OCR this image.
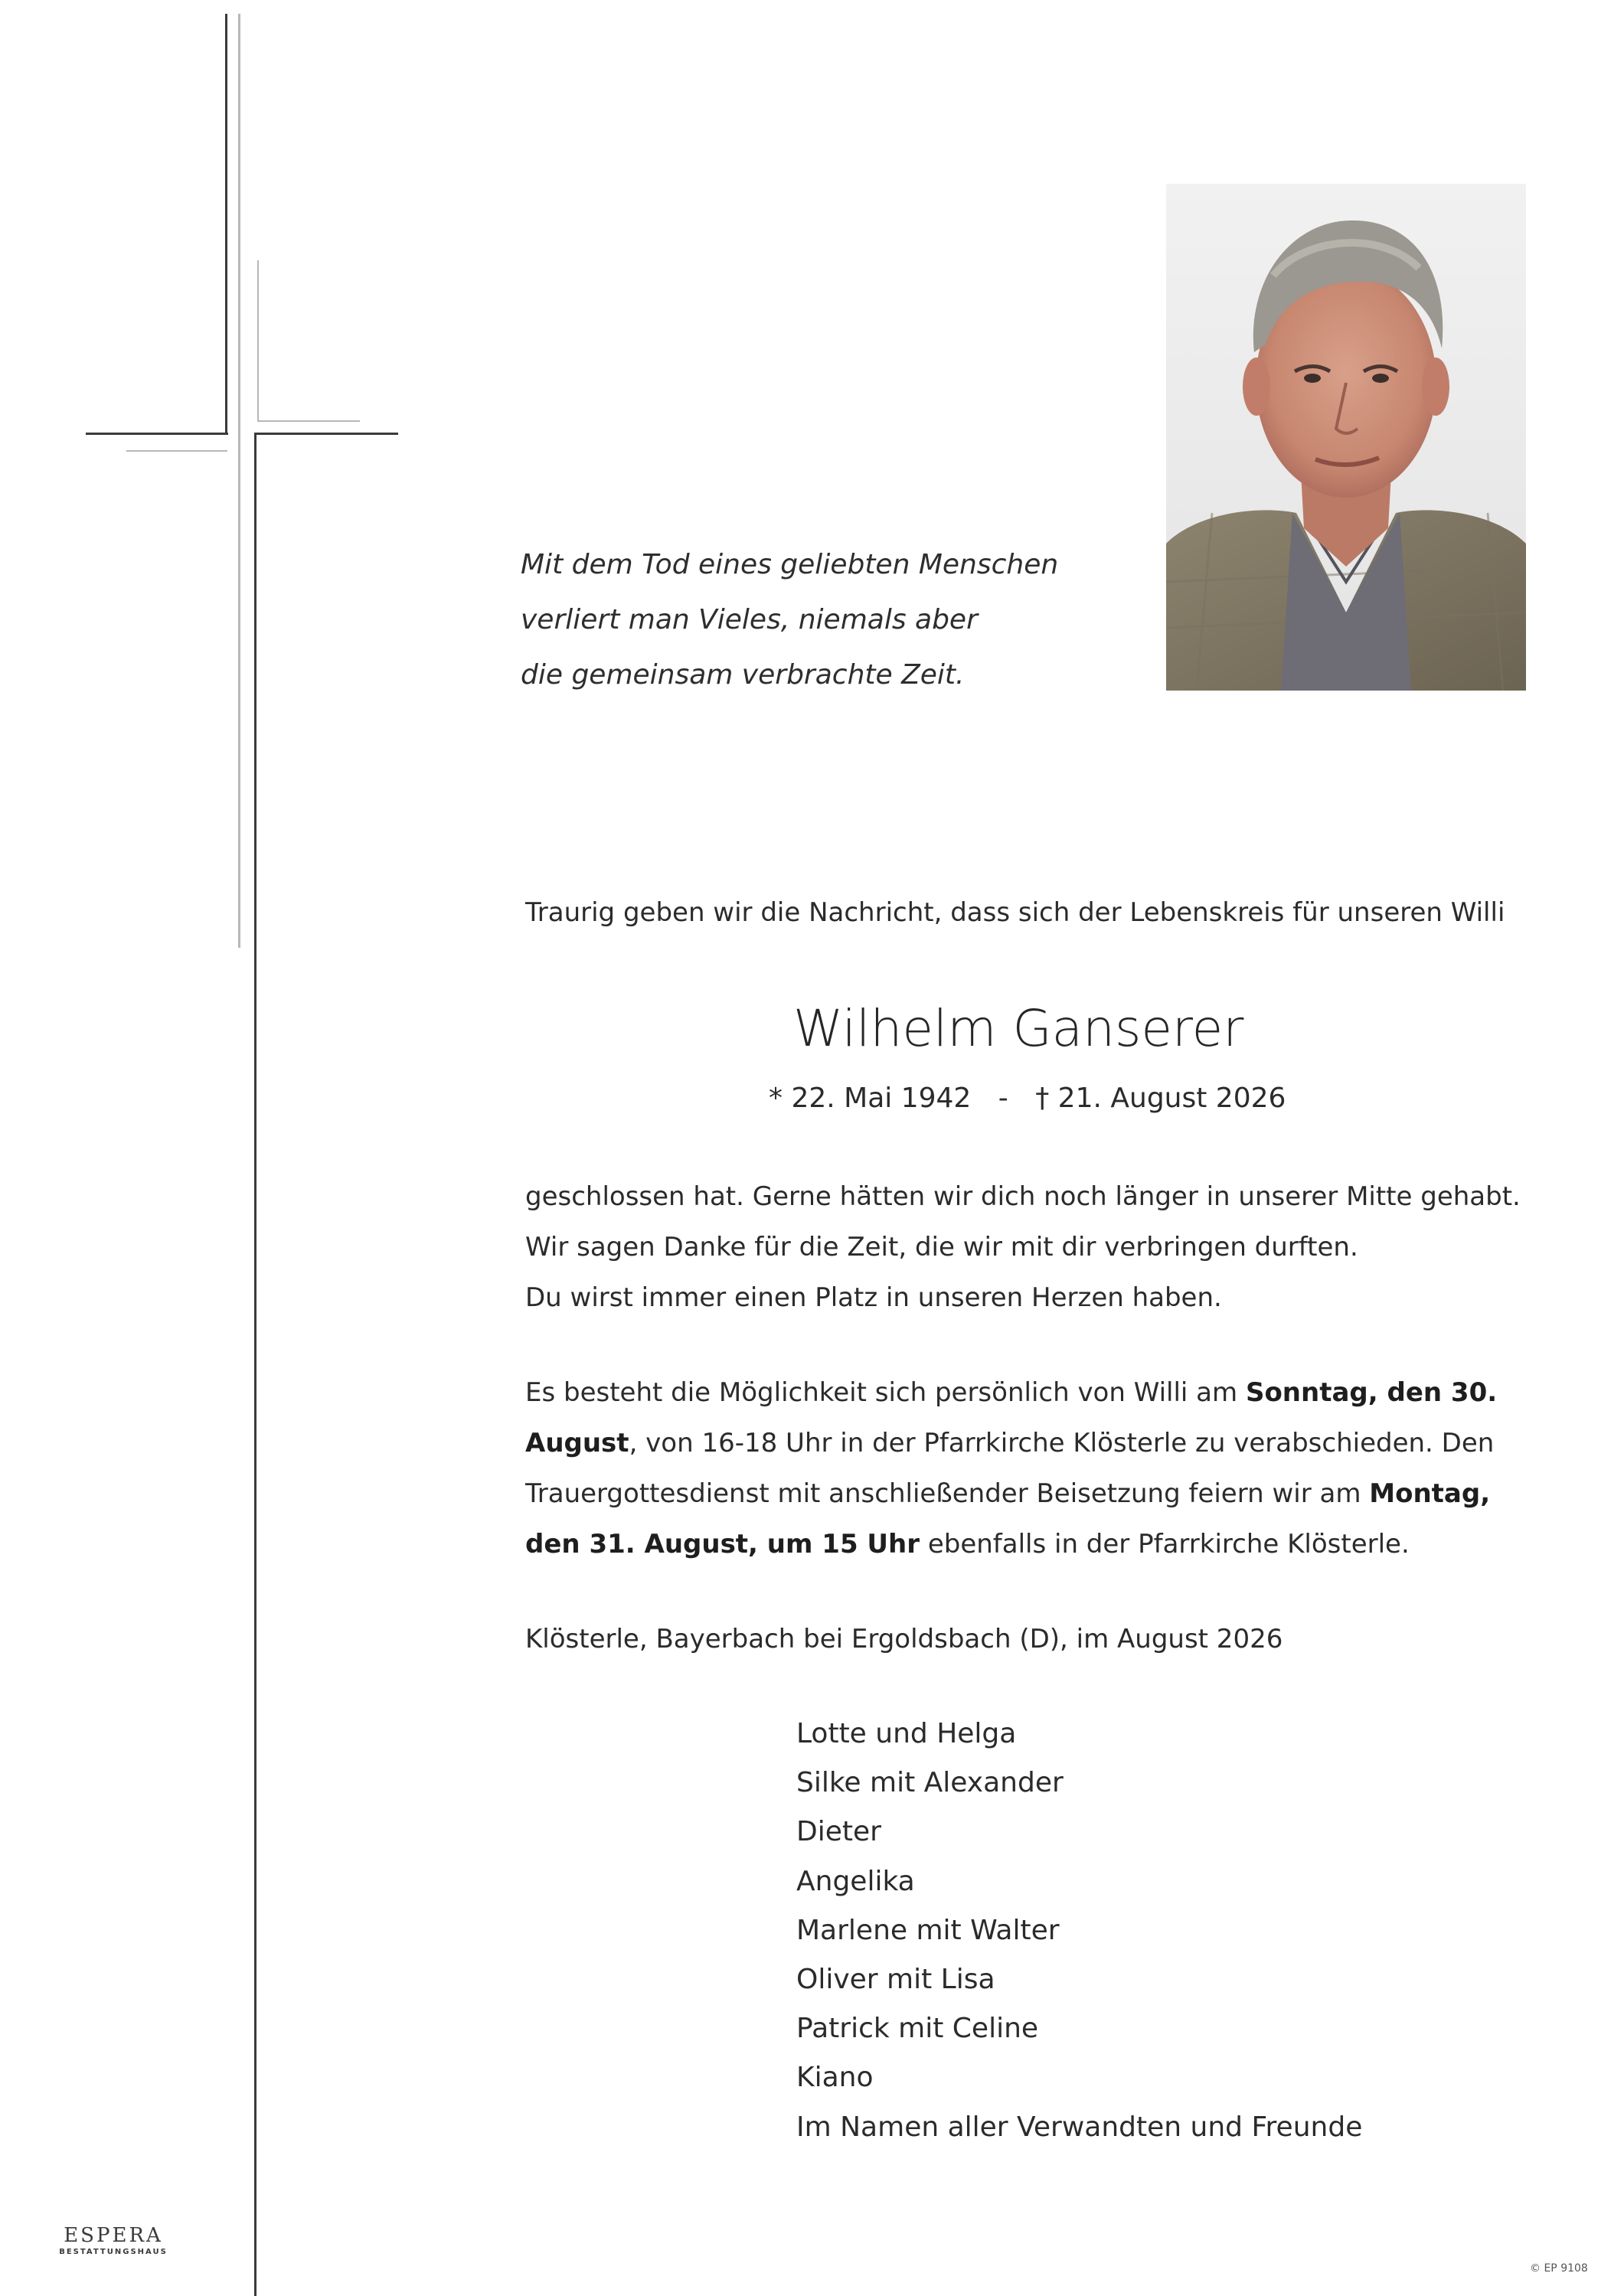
Mit dem Tod eines geliebten Menschen
verliert man Vieles, niemals aber
die gemeinsam verbrachte Zeit.
Traurig geben wir die Nachricht, dass sich der Lebenskreis für unseren Willi
Wilhelm Ganserer
* 22. Mai 1942 - † 21. August 2026
geschlossen hat. Gerne hätten wir dich noch länger in unserer Mitte gehabt.
Wir sagen Danke für die Zeit, die wir mit dir verbringen durften.
Du wirst immer einen Platz in unseren Herzen haben.
Es besteht die Möglichkeit sich persönlich von Willi am Sonntag, den 30.
August, von 16-18 Uhr in der Pfarrkirche Klösterle zu verabschieden. Den
Trauergottesdienst mit anschließender Beisetzung feiern wir am Montag,
den 31. August, um 15 Uhr ebenfalls in der Pfarrkirche Klösterle.
Klösterle, Bayerbach bei Ergoldsbach (D), im August 2026
Lotte und Helga
Silke mit Alexander
Dieter
Angelika
Marlene mit Walter
Oliver mit Lisa
Patrick mit Celine
Kiano
Im Namen aller Verwandten und Freunde
ESPERA
BESTATTUNGSHAUS
© EP 9108
